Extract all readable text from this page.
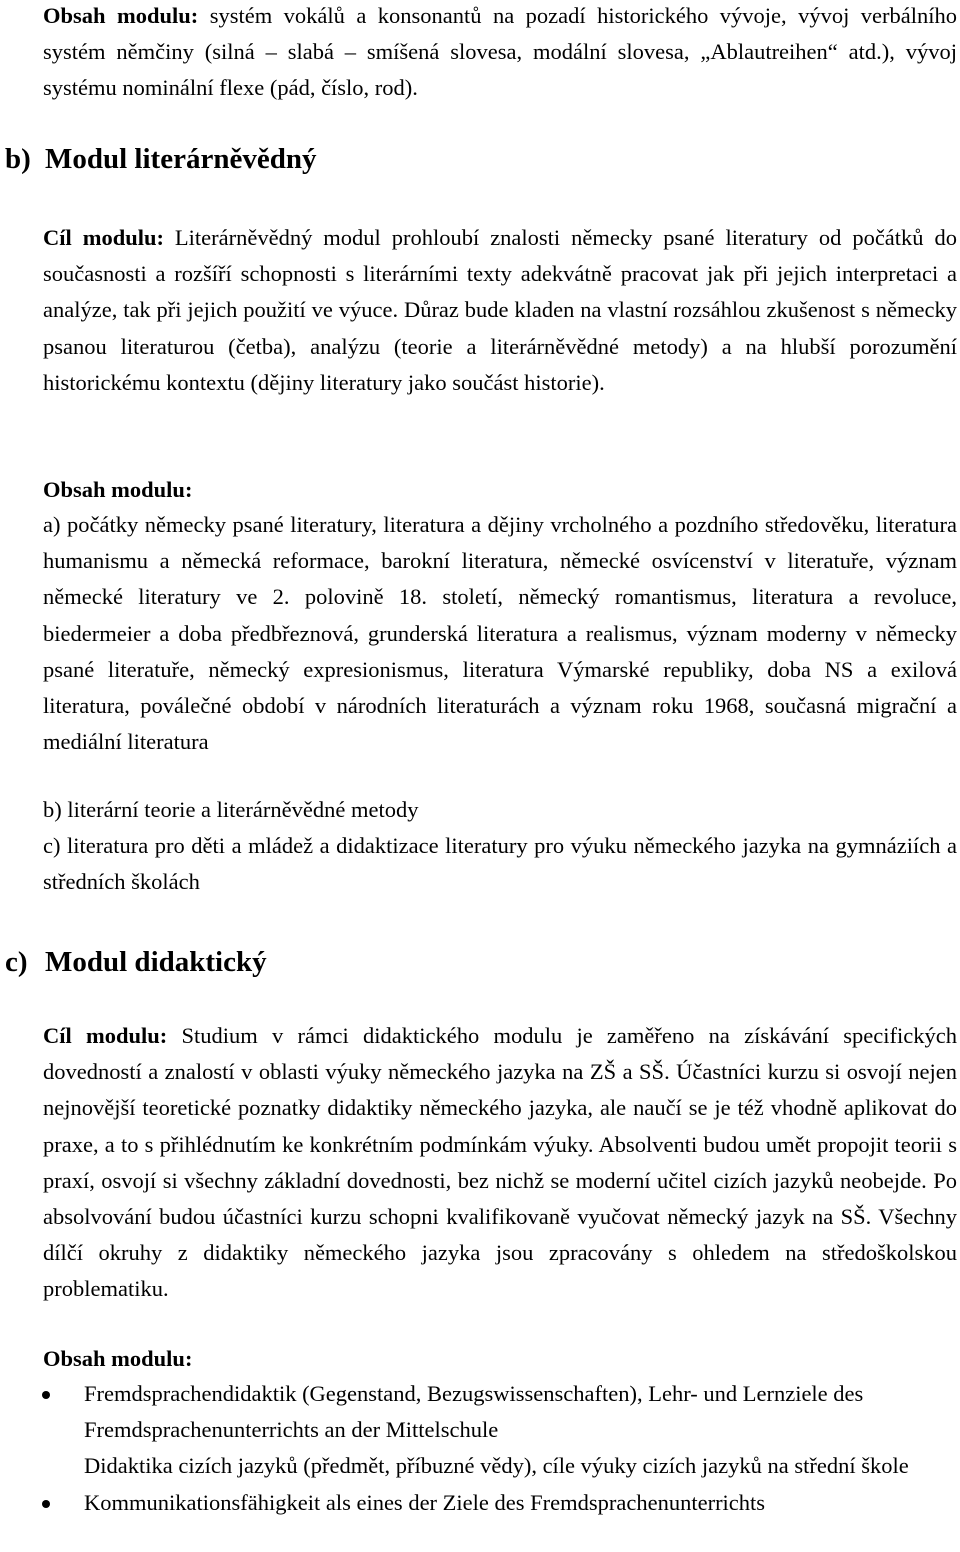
Obsah modulu: systém vokálů a konsonantů na pozadí historického vývoje, vývoj verbálního systém němčiny (silná – slabá – smíšená slovesa, modální slovesa, „Ablautreihen“ atd.), vývoj systému nominální flexe (pád, číslo, rod).

b) Modul literárněvědný

Cíl modulu: Literárněvědný modul prohloubí znalosti německy psané literatury od počátků do současnosti a rozšíří schopnosti s literárními texty adekvátně pracovat jak při jejich interpretaci a analýze, tak při jejich použití ve výuce. Důraz bude kladen na vlastní rozsáhlou zkušenost s německy psanou literaturou (četba), analýzu (teorie a literárněvědné metody) a na hlubší porozumění historickému kontextu (dějiny literatury jako součást historie).

Obsah modulu:

a) počátky německy psané literatury, literatura a dějiny vrcholného a pozdního středověku, literatura humanismu a německá reformace, barokní literatura, německé osvícenství v literatuře, význam německé literatury ve 2. polovině 18. století, německý romantismus, literatura a revoluce, biedermeier a doba předbřeznová, grunderská literatura a realismus, význam moderny v německy psané literatuře, německý expresionismus, literatura Výmarské republiky, doba NS a exilová literatura, poválečné období v národních literaturách a význam roku 1968, současná migrační a mediální literatura

b) literární teorie a literárněvědné metody

c) literatura pro děti a mládež a didaktizace literatury pro výuku německého jazyka na gymnáziích a středních školách

c) Modul didaktický

Cíl modulu: Studium v rámci didaktického modulu je zaměřeno na získávání specifických dovedností a znalostí v oblasti výuky německého jazyka na ZŠ a SŠ. Účastníci kurzu si osvojí nejen nejnovější teoretické poznatky didaktiky německého jazyka, ale naučí se je též vhodně aplikovat do praxe, a to s přihlédnutím ke konkrétním podmínkám výuky. Absolventi budou umět propojit teorii s praxí, osvojí si všechny základní dovednosti, bez nichž se moderní učitel cizích jazyků neobejde. Po absolvování budou účastníci kurzu schopni kvalifikovaně vyučovat německý jazyk na SŠ. Všechny dílčí okruhy z didaktiky německého jazyka jsou zpracovány s ohledem na středoškolskou problematiku.

Obsah modulu:

Fremdsprachendidaktik (Gegenstand, Bezugswissenschaften), Lehr- und Lernziele des Fremdsprachenunterrichts an der Mittelschule
Didaktika cizích jazyků (předmět, příbuzné vědy), cíle výuky cizích jazyků na střední škole
Kommunikationsfähigkeit als eines der Ziele des Fremdsprachenunterrichts
